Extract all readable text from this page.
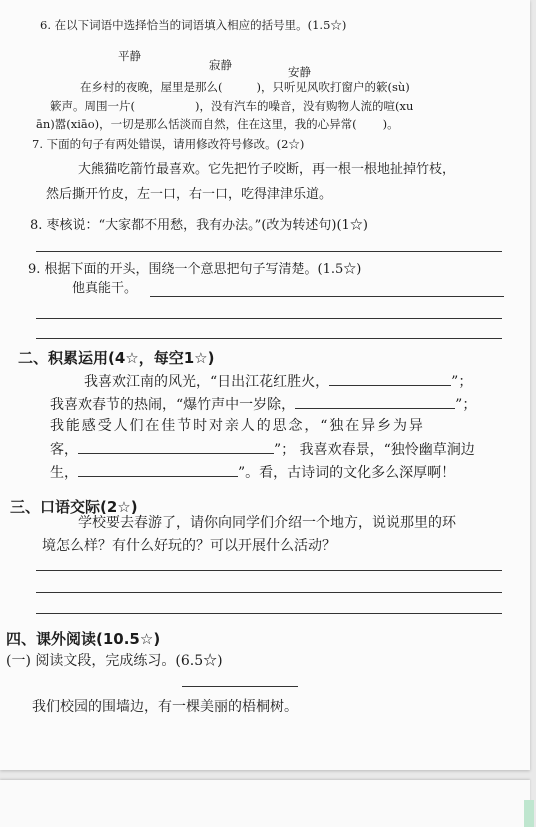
6. 在以下词语中选择恰当的词语填入相应的括号里。(1.5☆)
平静
寂静	安静
在乡村的夜晚，屋里是那么(	)，只听见风吹打窗户的簌(sù)
簌声。周围一片(	)，没有汽车的噪音，没有购物人流的喧(xu
ān)嚣(xiāo)，一切是那么恬淡而自然，住在这里，我的心异常( )。
7. 下面的句子有两处错误，请用修改符号修改。(2☆)
大熊猫吃箭竹最喜欢。它先把竹子咬断，再一根一根地扯掉竹枝，
然后撕开竹皮，左一口，右一口，吃得津津乐道。
8. 枣核说：“大家都不用愁，我有办法。”(改为转述句)(1☆)
9. 根据下面的开头，围绕一个意思把句子写清楚。(1.5☆)
他真能干。
二、积累运用(4☆，每空1☆)
我喜欢江南的风光，“日出江花红胜火，	”；
我喜欢春节的热闹，“爆竹声中一岁除，	”；
我能感受人们在佳节时对亲人的思念，“独在异乡为异
客，	”； 我喜欢春景，“独怜幽草涧边
生，	”。看，古诗词的文化多么深厚啊！
三、口语交际(2☆)
学校要去春游了，请你向同学们介绍一个地方，说说那里的环
境怎么样？有什么好玩的？可以开展什么活动？
四、课外阅读(10.5☆)
(一) 阅读文段，完成练习。(6.5☆)
我们校园的围墙边，有一棵美丽的梧桐树。
